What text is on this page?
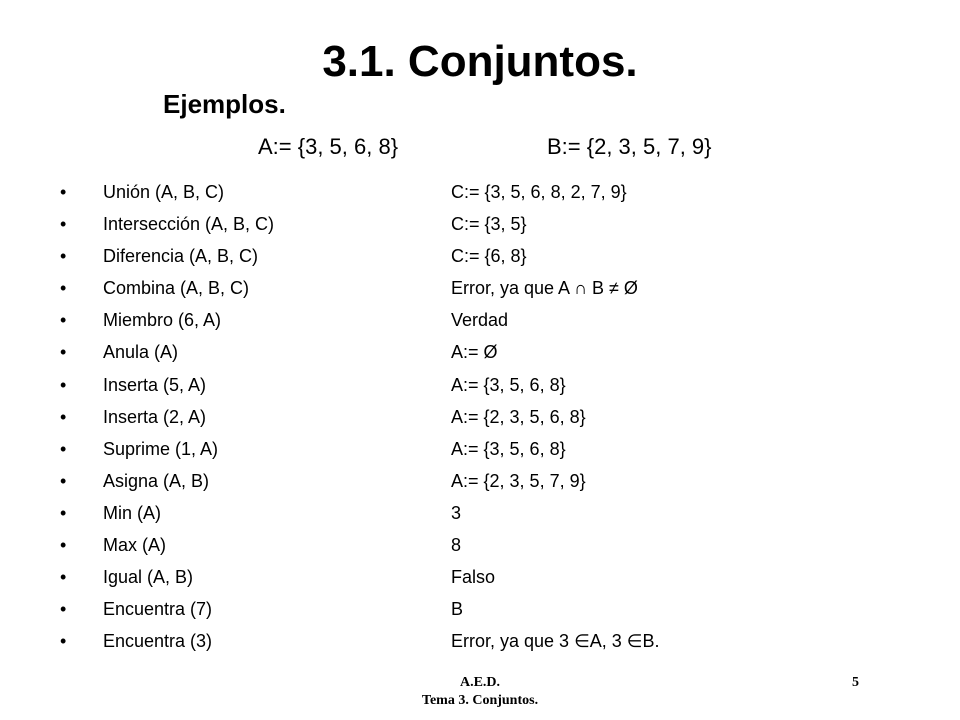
3.1. Conjuntos.
Ejemplos.
A:= {3, 5, 6, 8}	B:= {2, 3, 5, 7, 9}
•	Unión (A, B, C)	C:= {3, 5, 6, 8, 2, 7, 9}
•	Intersección (A, B, C)	C:= {3, 5}
•	Diferencia (A, B, C)	C:= {6, 8}
•	Combina (A, B, C)	Error, ya que A ∩ B ≠ Ø
•	Miembro (6, A)	Verdad
•	Anula (A)	A:= Ø
•	Inserta (5, A)	A:= {3, 5, 6, 8}
•	Inserta (2, A)	A:= {2, 3, 5, 6, 8}
•	Suprime (1, A)	A:= {3, 5, 6, 8}
•	Asigna (A, B)	A:= {2, 3, 5, 7, 9}
•	Min (A)	3
•	Max (A)	8
•	Igual (A, B)	Falso
•	Encuentra (7)	B
•	Encuentra (3)	Error, ya que 3 ∈A, 3 ∈B.
A.E.D.
Tema 3. Conjuntos.
5
